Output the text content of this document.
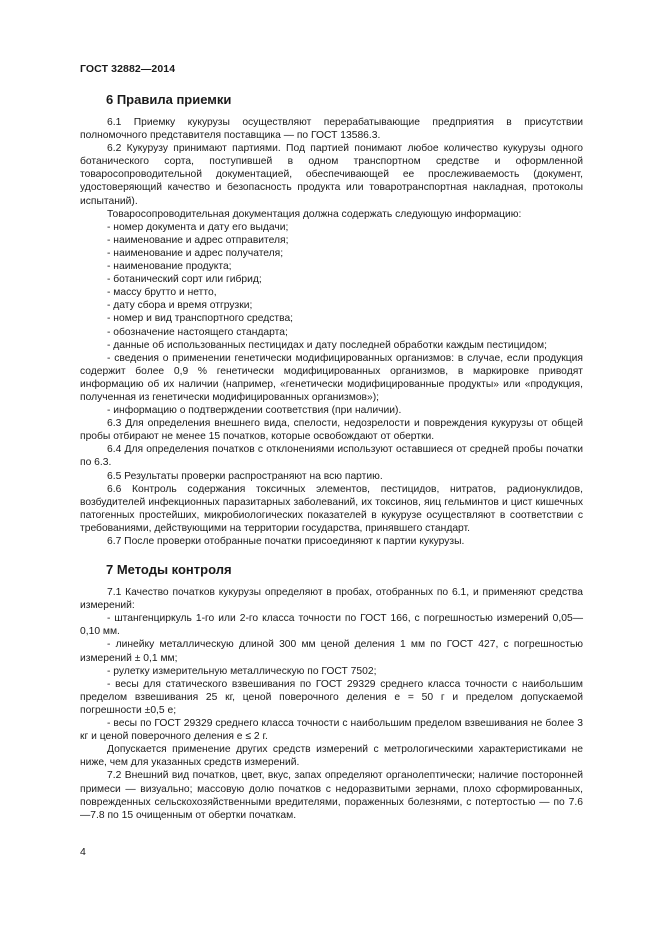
ГОСТ 32882—2014
6 Правила приемки

6.1 Приемку кукурузы осуществляют перерабатывающие предприятия в присутствии полномочного представителя поставщика — по ГОСТ 13586.3.

6.2 Кукурузу принимают партиями. Под партией понимают любое количество кукурузы одного ботанического сорта, поступившей в одном транспортном средстве и оформленной товаросопроводительной документацией, обеспечивающей ее прослеживаемость (документ, удостоверяющий качество и безопасность продукта или товаротранспортная накладная, протоколы испытаний).

Товаросопроводительная документация должна содержать следующую информацию:

- номер документа и дату его выдачи;

- наименование и адрес отправителя;

- наименование и адрес получателя;

- наименование продукта;

- ботанический сорт или гибрид;

- массу брутто и нетто,

- дату сбора и время отгрузки;

- номер и вид транспортного средства;

- обозначение настоящего стандарта;

- данные об использованных пестицидах и дату последней обработки каждым пестицидом;

- сведения о применении генетически модифицированных организмов: в случае, если продукция содержит более 0,9 % генетически модифицированных организмов, в маркировке приводят информацию об их наличии (например, «генетически модифицированные продукты» или «продукция, полученная из генетически модифицированных организмов»);

- информацию о подтверждении соответствия (при наличии).

6.3 Для определения внешнего вида, спелости, недозрелости и повреждения кукурузы от общей пробы отбирают не менее 15 початков, которые освобождают от обертки.

6.4 Для определения початков с отклонениями используют оставшиеся от средней пробы початки по 6.3.

6.5 Результаты проверки распространяют на всю партию.

6.6 Контроль содержания токсичных элементов, пестицидов, нитратов, радионуклидов, возбудителей инфекционных паразитарных заболеваний, их токсинов, яиц гельминтов и цист кишечных патогенных простейших, микробиологических показателей в кукурузе осуществляют в соответствии с требованиями, действующими на территории государства, принявшего стандарт.

6.7 После проверки отобранные початки присоединяют к партии кукурузы.

7 Методы контроля

7.1 Качество початков кукурузы определяют в пробах, отобранных по 6.1, и применяют средства измерений:

- штангенциркуль 1-го или 2-го класса точности по ГОСТ 166, с погрешностью измерений 0,05—0,10 мм.

- линейку металлическую длиной 300 мм ценой деления 1 мм по ГОСТ 427, с погрешностью измерений ± 0,1 мм;

- рулетку измерительную металлическую по ГОСТ 7502;

- весы для статического взвешивания по ГОСТ 29329 среднего класса точности с наибольшим пределом взвешивания 25 кг, ценой поверочного деления е = 50 г и пределом допускаемой погрешности ±0,5 е;

- весы по ГОСТ 29329 среднего класса точности с наибольшим пределом взвешивания не более 3 кг и ценой поверочного деления е ≤ 2 г.

Допускается применение других средств измерений с метрологическими характеристиками не ниже, чем для указанных средств измерений.

7.2 Внешний вид початков, цвет, вкус, запах определяют органолептически; наличие посторонней примеси — визуально; массовую долю початков с недоразвитыми зернами, плохо сформированных, поврежденных сельскохозяйственными вредителями, пораженных болезнями, с потертостью — по 7.6—7.8 по 15 очищенным от обертки початкам.

4
